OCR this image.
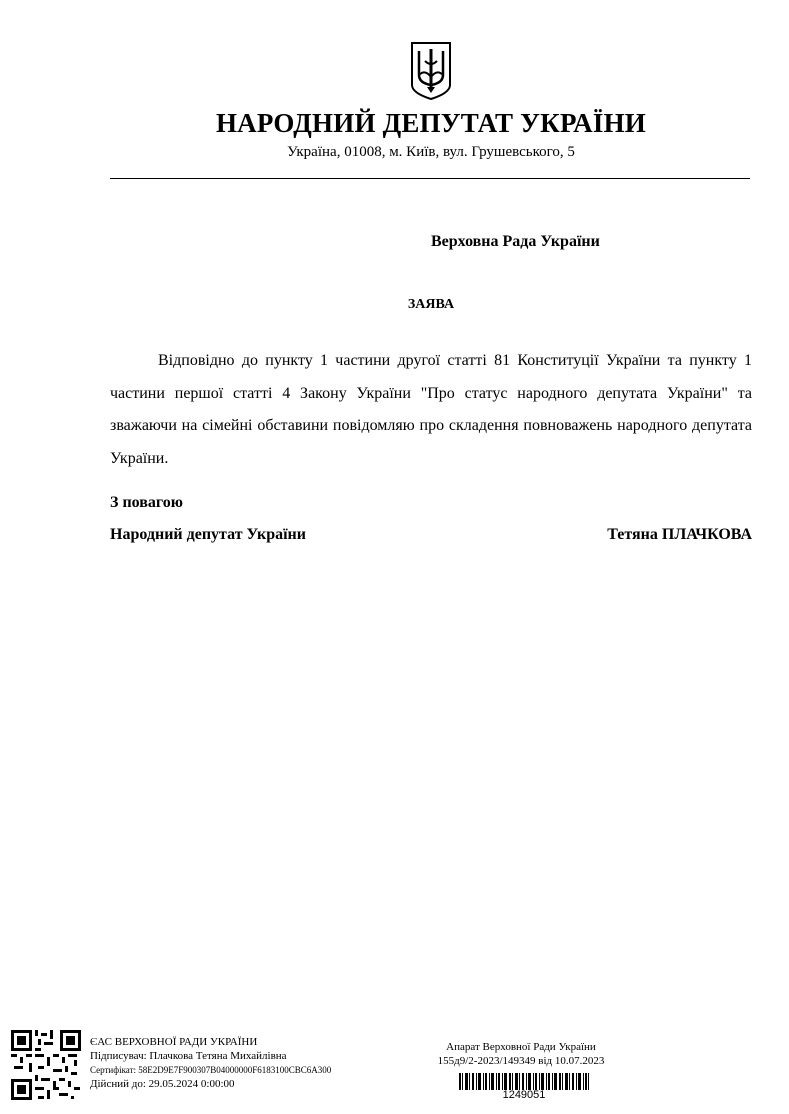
НАРОДНИЙ ДЕПУТАТ УКРАЇНИ
Україна, 01008, м. Київ, вул. Грушевського, 5
Верховна Рада України
ЗАЯВА
Відповідно до пункту 1 частини другої статті 81 Конституції України та пункту 1 частини першої статті 4 Закону України "Про статус народного депутата України" та зважаючи на сімейні обставини повідомляю про складення повноважень народного депутата України.
З повагою
Народний депутат України	Тетяна ПЛАЧКОВА
ЄАС ВЕРХОВНОЇ РАДИ УКРАЇНИ
Підписувач: Плачкова Тетяна Михайлівна
Сертифікат: 58E2D9E7F900307B04000000F6183100CBC6A300
Дійсний до: 29.05.2024 0:00:00
Апарат Верховної Ради України
155д9/2-2023/149349 від 10.07.2023
1249051
